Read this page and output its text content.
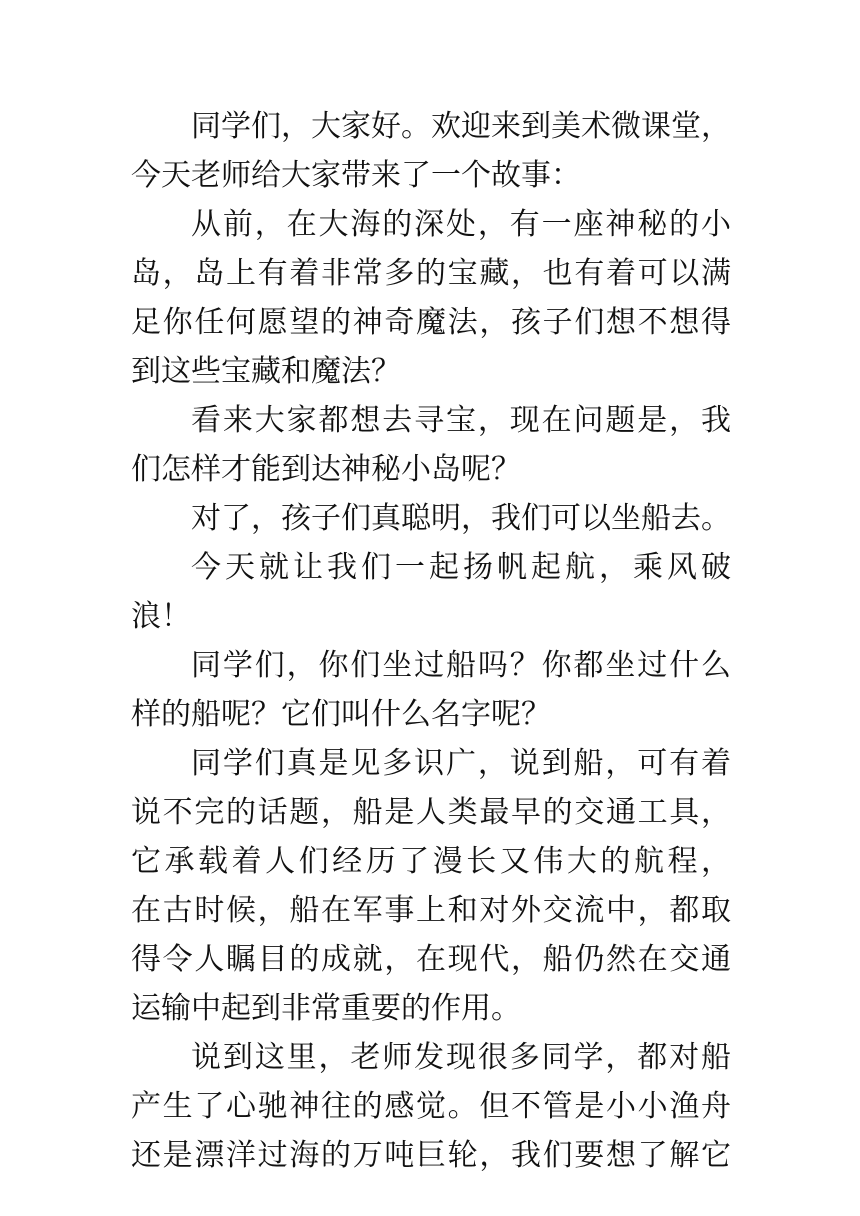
同学们，大家好。欢迎来到美术微课堂，
今天老师给大家带来了一个故事：
从前，在大海的深处，有一座神秘的小
岛，岛上有着非常多的宝藏，也有着可以满
足你任何愿望的神奇魔法，孩子们想不想得
到这些宝藏和魔法？
看来大家都想去寻宝，现在问题是，我
们怎样才能到达神秘小岛呢？
对了，孩子们真聪明，我们可以坐船去。
今天就让我们一起扬帆起航，乘风破
浪！
同学们，你们坐过船吗？你都坐过什么
样的船呢？它们叫什么名字呢？
同学们真是见多识广，说到船，可有着
说不完的话题，船是人类最早的交通工具，
它承载着人们经历了漫长又伟大的航程，
在古时候，船在军事上和对外交流中，都取
得令人瞩目的成就，在现代，船仍然在交通
运输中起到非常重要的作用。
说到这里，老师发现很多同学，都对船
产生了心驰神往的感觉。但不管是小小渔舟
还是漂洋过海的万吨巨轮，我们要想了解它
